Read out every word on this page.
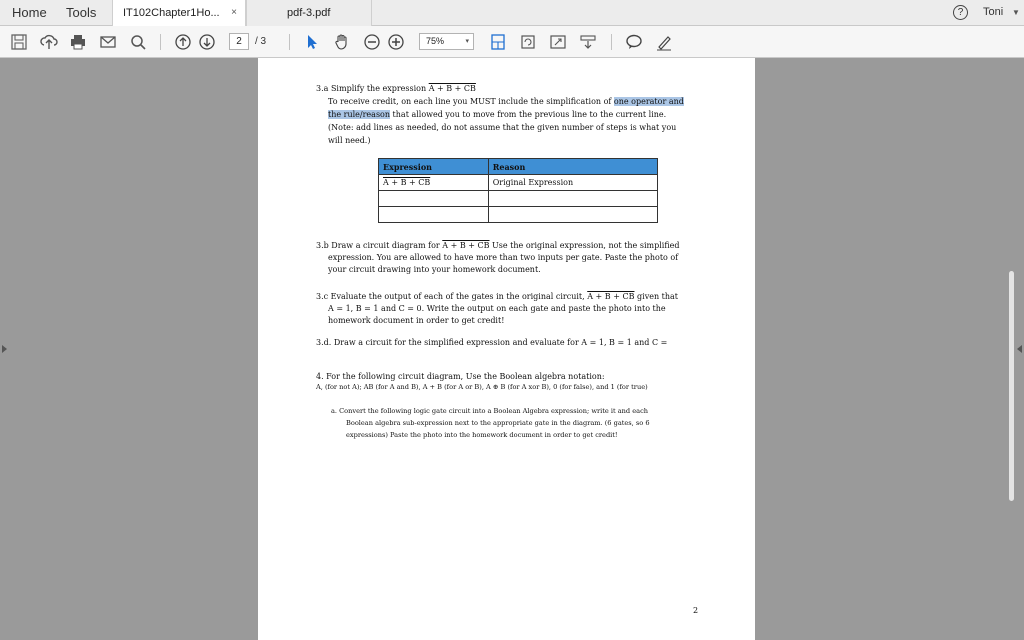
Home Tools	IT102Chapter1Ho... ×	pdf-3.pdf	?	Toni ▼
2	/ 3	75%	▾
3.a Simplify the expression A + B + CB
To receive credit, on each line you MUST include the simplification of one operator and
the rule/reason that allowed you to move from the previous line to the current line.
(Note: add lines as needed, do not assume that the given number of steps is what you
will need.)
Expression	Reason
A + B + CB	Original Expression

3.b Draw a circuit diagram for A + B + CB Use the original expression, not the simplified
expression. You are allowed to have more than two inputs per gate. Paste the photo of
your circuit drawing into your homework document.
3.c Evaluate the output of each of the gates in the original circuit, A + B + CB given that
A = 1, B = 1 and C = 0. Write the output on each gate and paste the photo into the
homework document in order to get credit!
3.d. Draw a circuit for the simplified expression and evaluate for A = 1, B = 1 and C =
4. For the following circuit diagram, Use the Boolean algebra notation:
A, (for not A); AB (for A and B), A + B (for A or B), A ⊕ B (for A xor B), 0 (for false), and 1 (for true)
a. Convert the following logic gate circuit into a Boolean Algebra expression; write it and each
Boolean algebra sub-expression next to the appropriate gate in the diagram. (6 gates, so 6
expressions) Paste the photo into the homework document in order to get credit!
2
